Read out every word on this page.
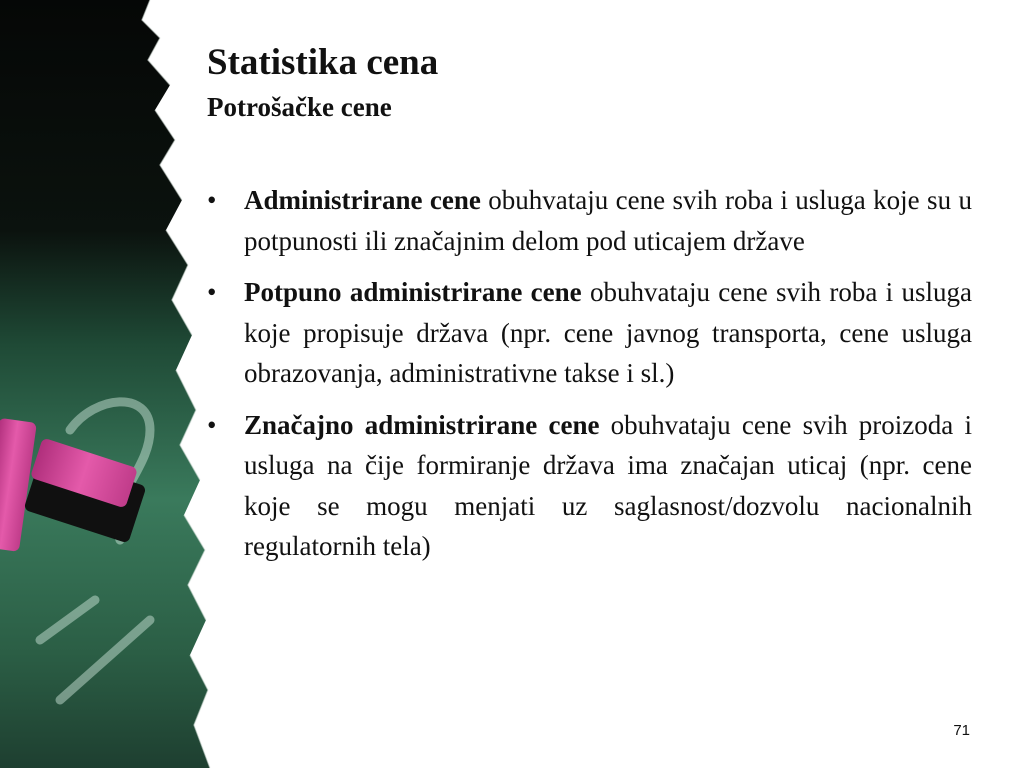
Statistika cena
Potrošačke cene
• Administrirane cene obuhvataju cene svih roba i usluga koje su u potpunosti ili značajnim delom pod uticajem države
• Potpuno administrirane cene obuhvataju cene svih roba i usluga koje propisuje država (npr. cene javnog transporta, cene usluga obrazovanja, administrativne takse i sl.)
• Značajno administrirane cene obuhvataju cene svih proizoda i usluga na čije formiranje država ima značajan uticaj (npr. cene koje se mogu menjati uz saglasnost/dozvolu nacionalnih regulatornih tela)
71
